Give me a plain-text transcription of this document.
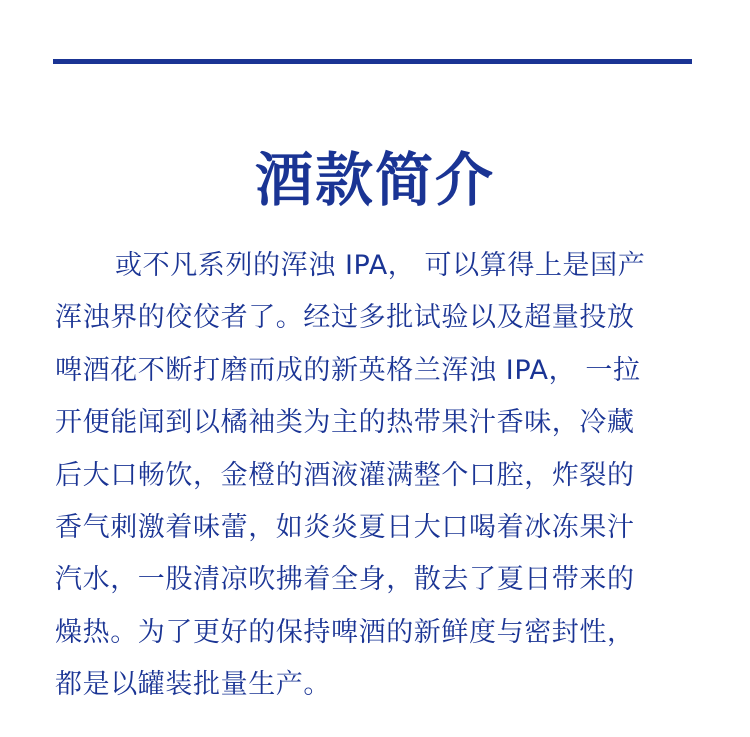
酒款简介
或不凡系列的浑浊 IPA， 可以算得上是国产
浑浊界的佼佼者了。经过多批试验以及超量投放
啤酒花不断打磨而成的新英格兰浑浊 IPA， 一拉
开便能闻到以橘袖类为主的热带果汁香味，冷藏
后大口畅饮，金橙的酒液灌满整个口腔，炸裂的
香气刺激着味蕾，如炎炎夏日大口喝着冰冻果汁
汽水，一股清凉吹拂着全身，散去了夏日带来的
燥热。为了更好的保持啤酒的新鲜度与密封性，
都是以罐装批量生产。
